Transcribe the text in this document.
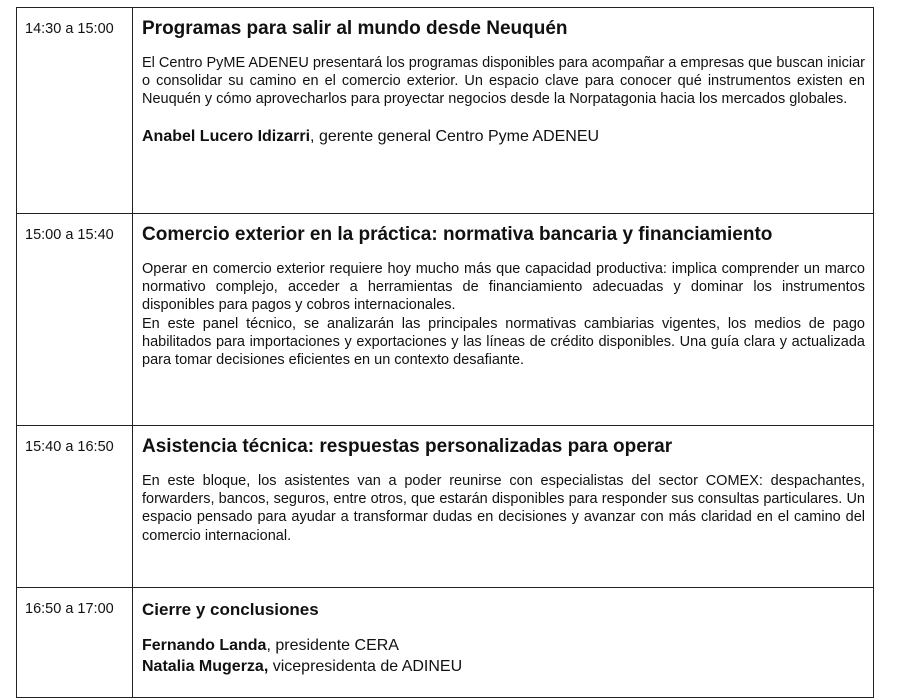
14:30 a 15:00	Programas para salir al mundo desde Neuquén

El Centro PyME ADENEU presentará los programas disponibles para acompañar a empresas que buscan iniciar o consolidar su camino en el comercio exterior. Un espacio clave para conocer qué instrumentos existen en Neuquén y cómo aprovecharlos para proyectar negocios desde la Norpatagonia hacia los mercados globales.

Anabel Lucero Idizarri, gerente general Centro Pyme ADENEU

15:00 a 15:40	Comercio exterior en la práctica: normativa bancaria y financiamiento

Operar en comercio exterior requiere hoy mucho más que capacidad productiva: implica comprender un marco normativo complejo, acceder a herramientas de financiamiento adecuadas y dominar los instrumentos disponibles para pagos y cobros internacionales.

En este panel técnico, se analizarán las principales normativas cambiarias vigentes, los medios de pago habilitados para importaciones y exportaciones y las líneas de crédito disponibles. Una guía clara y actualizada para tomar decisiones eficientes en un contexto desafiante.

15:40 a 16:50	Asistencia técnica: respuestas personalizadas para operar

En este bloque, los asistentes van a poder reunirse con especialistas del sector COMEX: despachantes, forwarders, bancos, seguros, entre otros, que estarán disponibles para responder sus consultas particulares. Un espacio pensado para ayudar a transformar dudas en decisiones y avanzar con más claridad en el camino del comercio internacional.

16:50 a 17:00	Cierre y conclusiones

Fernando Landa, presidente CERA

Natalia Mugerza, vicepresidenta de ADINEU
